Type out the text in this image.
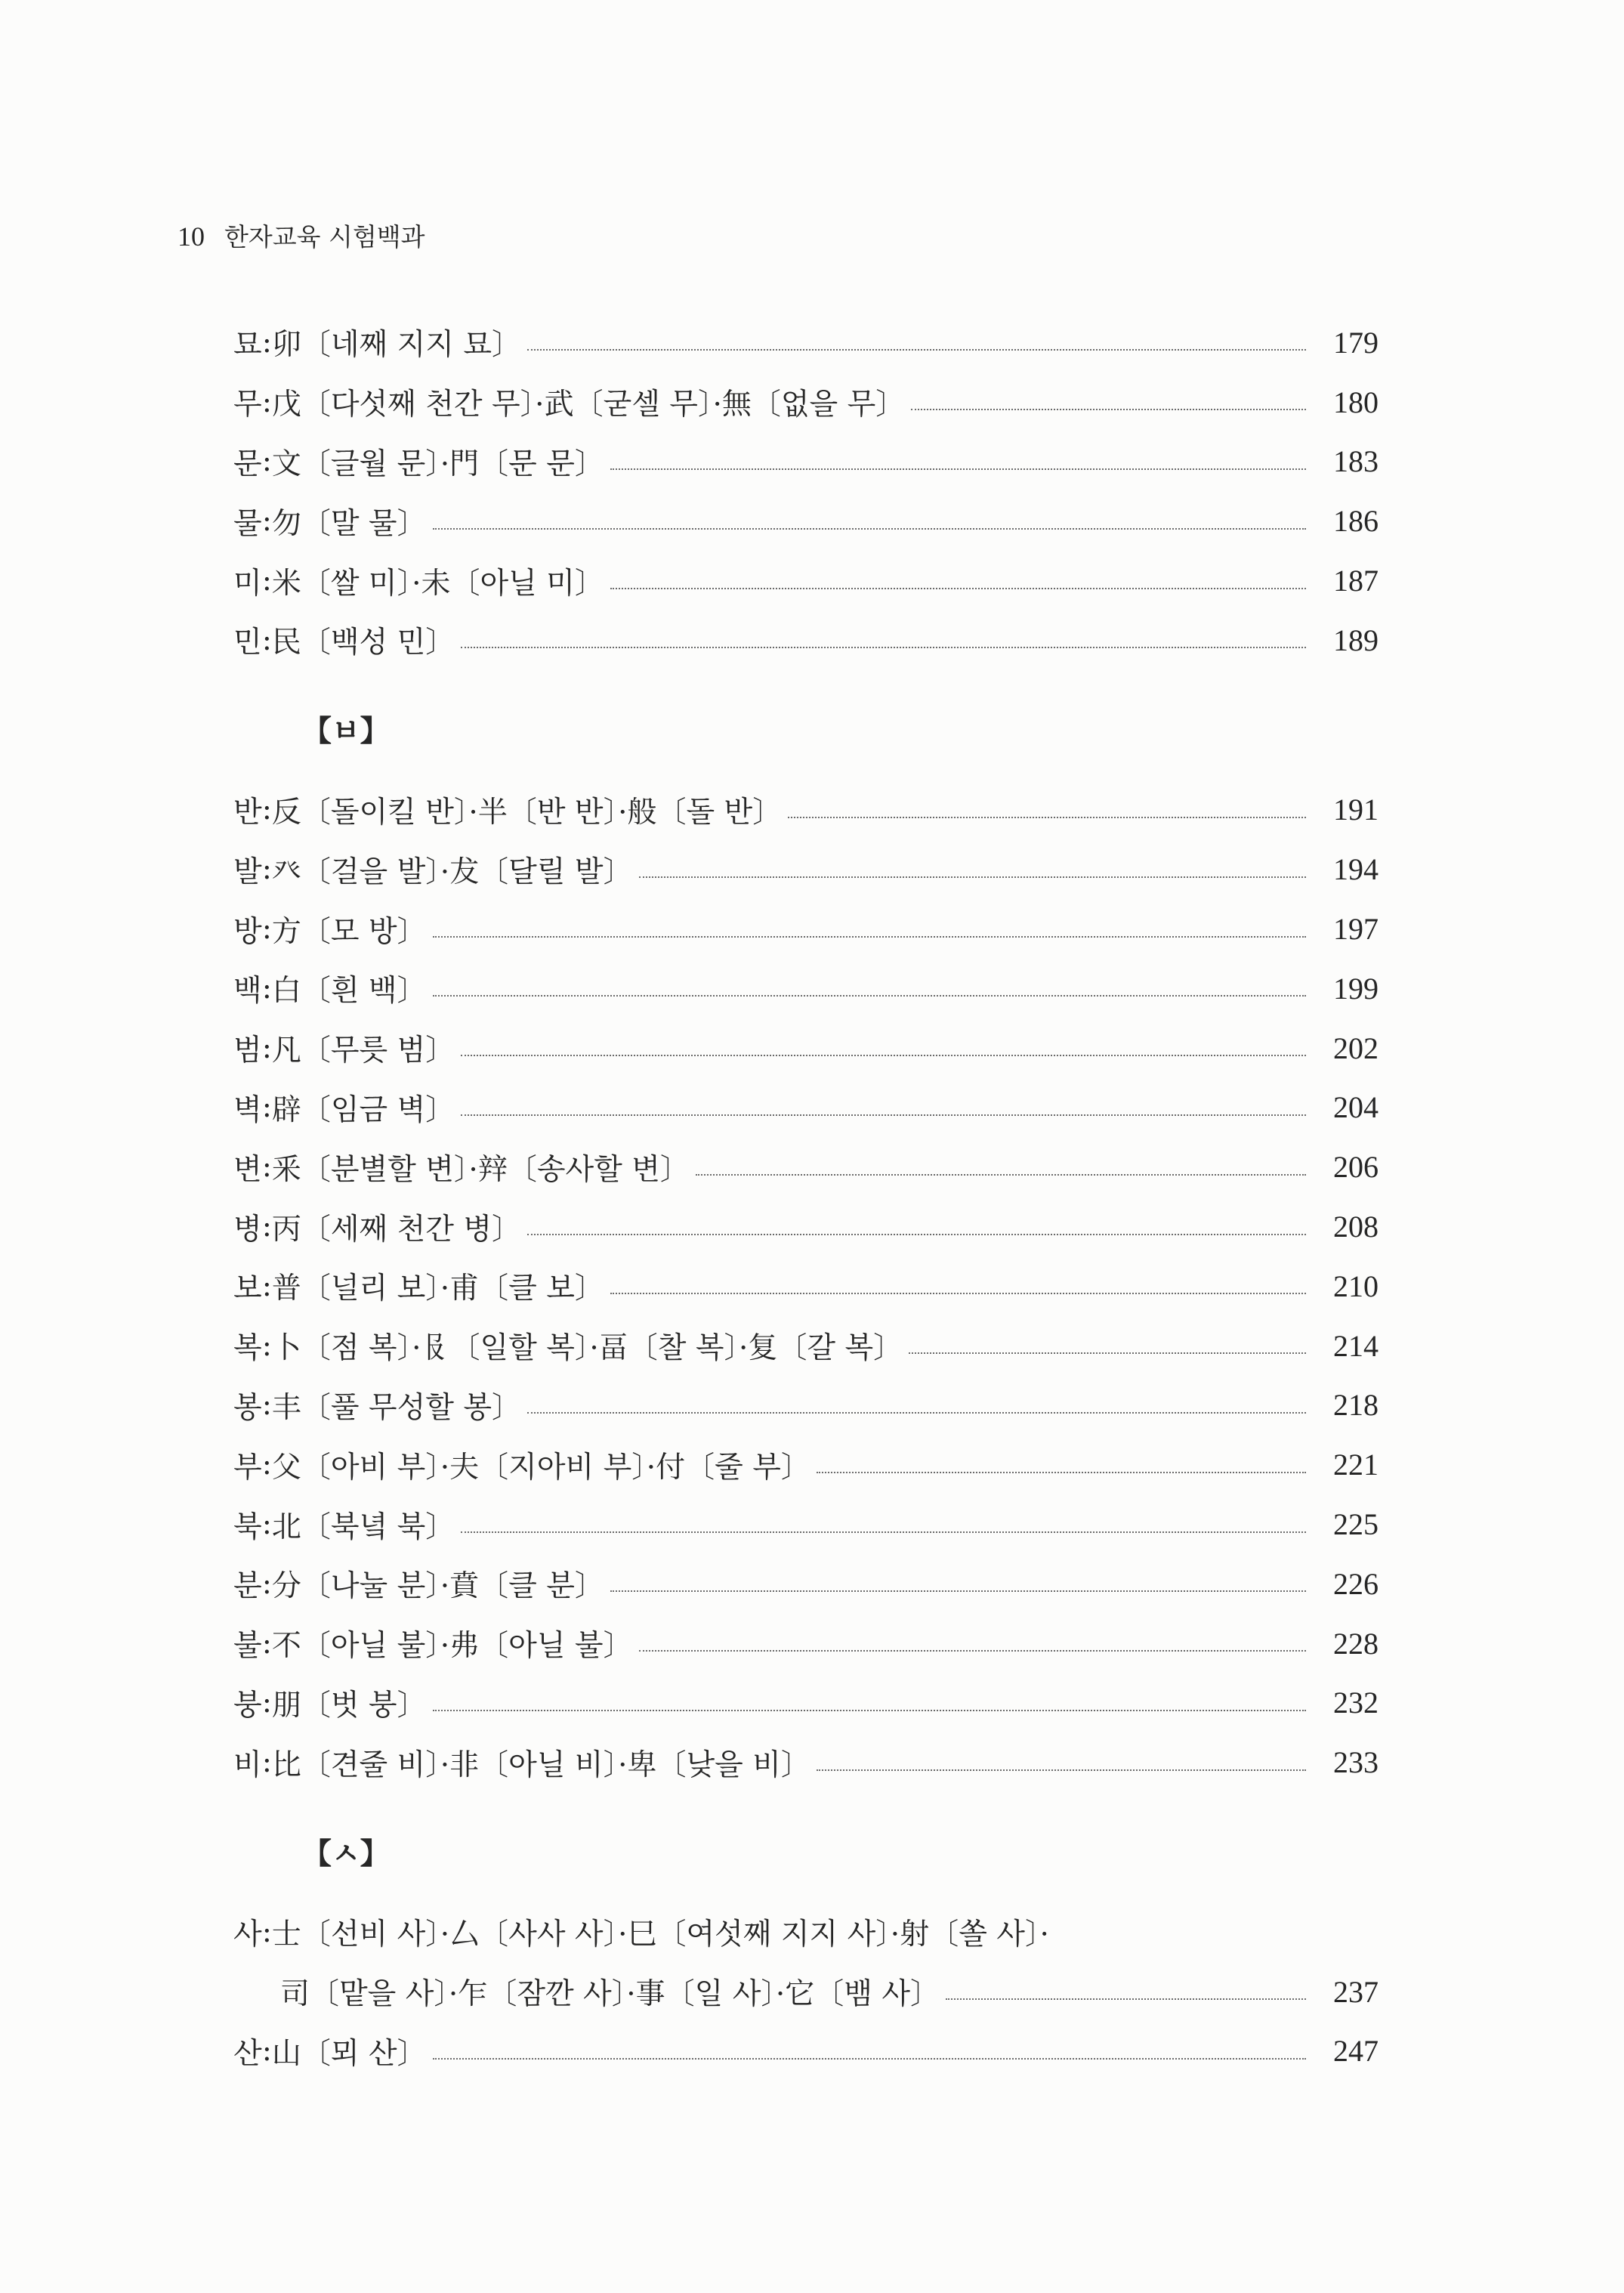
10 한자교육 시험백과
묘 : 卯〔네째 지지 묘〕	179
무 : 戊〔다섯째 천간 무〕·武〔굳셀 무〕·無〔없을 무〕	180
문 : 文〔글월 문〕·門〔문 문〕	183
물 : 勿〔말 물〕	186
미 : 米〔쌀 미〕·未〔아닐 미〕	187
민 : 民〔백성 민〕	189
【ㅂ】
반 : 反〔돌이킬 반〕·半〔반 반〕·般〔돌 반〕	191
발 : 癶〔걸을 발〕·犮〔달릴 발〕	194
방 : 方〔모 방〕	197
백 : 白〔흰 백〕	199
범 : 凡〔무릇 범〕	202
벽 : 辟〔임금 벽〕	204
변 : 釆〔분별할 변〕·辡〔송사할 변〕	206
병 : 丙〔세째 천간 병〕	208
보 : 普〔널리 보〕·甫〔클 보〕	210
복 : 卜〔점 복〕·𠬝〔일할 복〕·畐〔찰 복〕·复〔갈 복〕	214
봉 : 丰〔풀 무성할 봉〕	218
부 : 父〔아비 부〕·夫〔지아비 부〕·付〔줄 부〕	221
북 : 北〔북녘 북〕	225
분 : 分〔나눌 분〕·賁〔클 분〕	226
불 : 不〔아닐 불〕·弗〔아닐 불〕	228
붕 : 朋〔벗 붕〕	232
비 : 比〔견줄 비〕·非〔아닐 비〕·卑〔낮을 비〕	233
【ㅅ】
사 : 士〔선비 사〕·厶〔사사 사〕·巳〔여섯째 지지 사〕·射〔쏠 사〕·
司〔맡을 사〕·乍〔잠깐 사〕·事〔일 사〕·它〔뱀 사〕	237
산 : 山〔뫼 산〕	247
